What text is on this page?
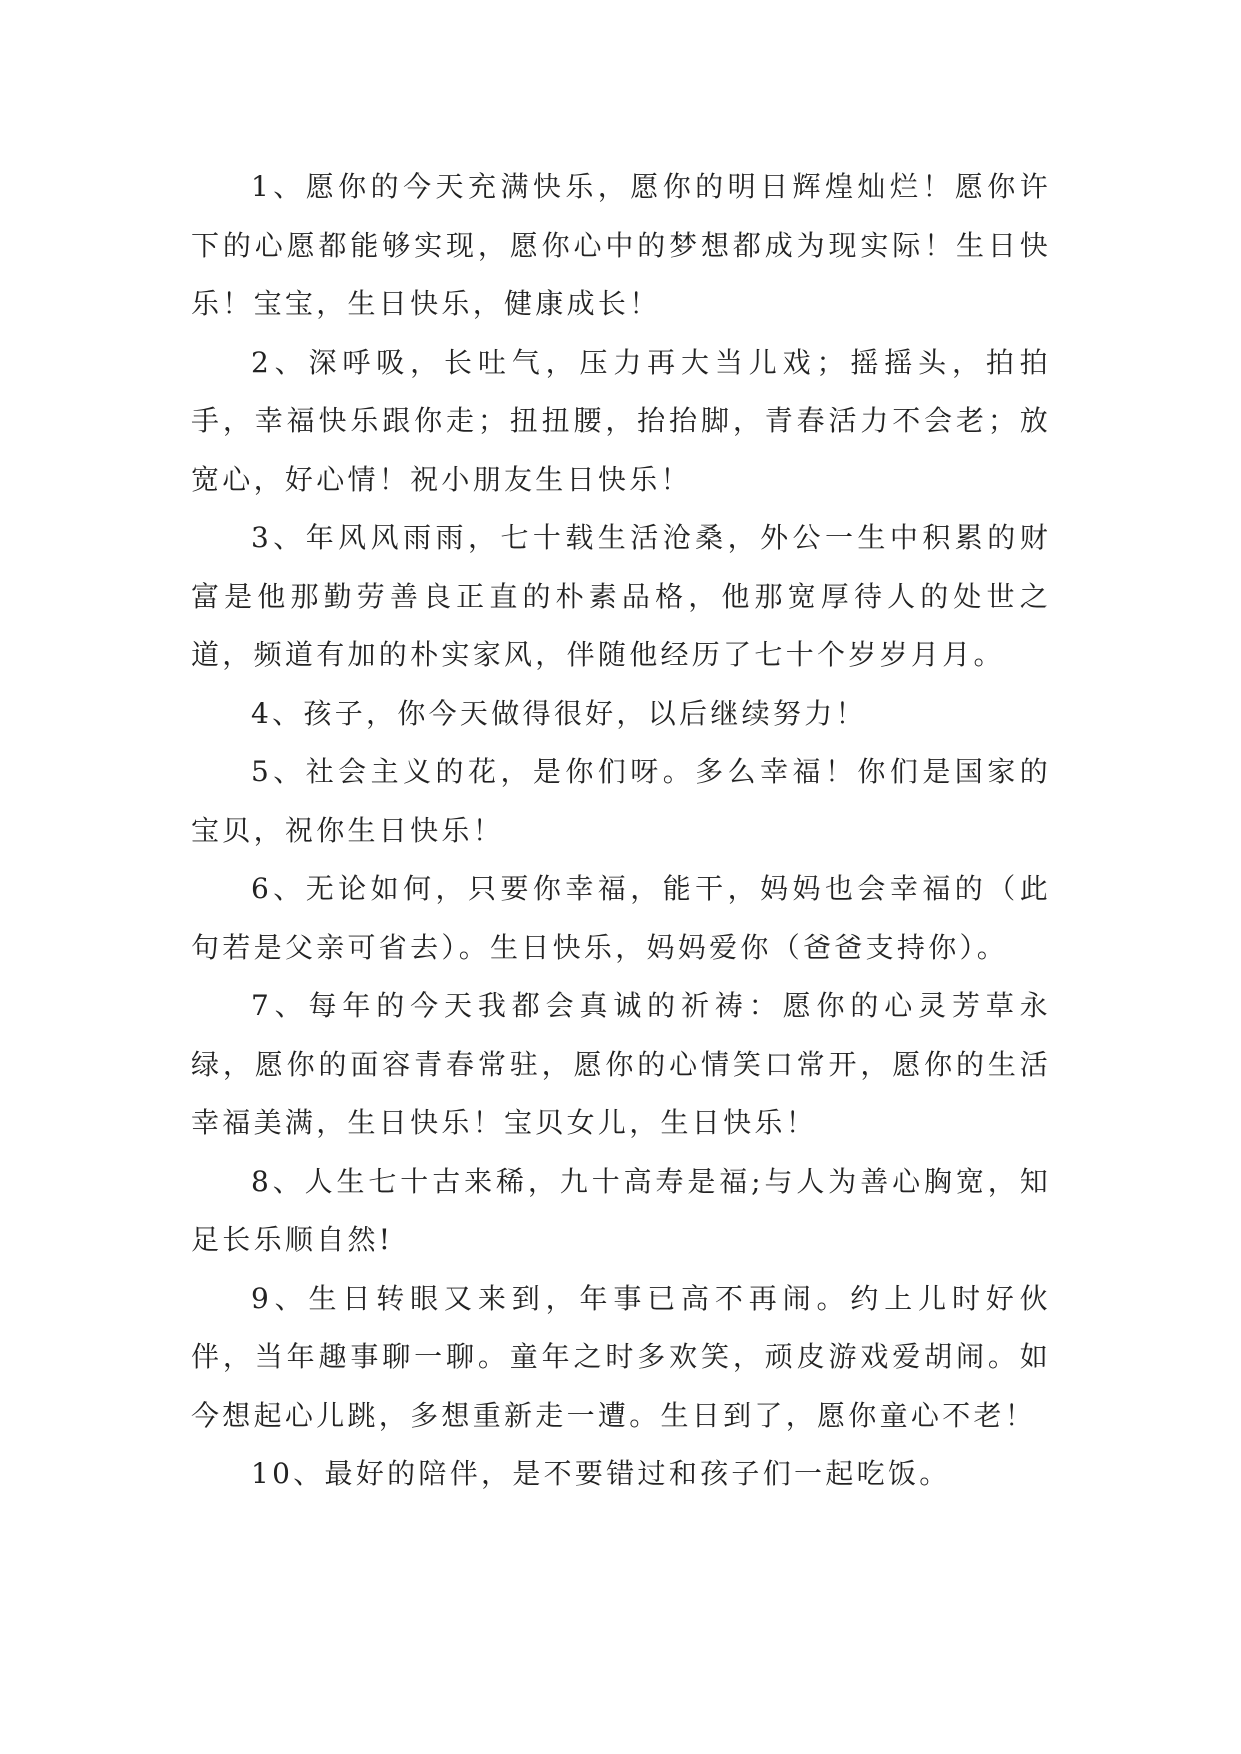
1、愿你的今天充满快乐，愿你的明日辉煌灿烂！愿你许下的心愿都能够实现，愿你心中的梦想都成为现实际！生日快乐！宝宝，生日快乐，健康成长！

2、深呼吸，长吐气，压力再大当儿戏；摇摇头，拍拍手，幸福快乐跟你走；扭扭腰，抬抬脚，青春活力不会老；放宽心，好心情！祝小朋友生日快乐！

3、年风风雨雨，七十载生活沧桑，外公一生中积累的财富是他那勤劳善良正直的朴素品格，他那宽厚待人的处世之道，频道有加的朴实家风，伴随他经历了七十个岁岁月月。

4、孩子，你今天做得很好，以后继续努力！

5、社会主义的花，是你们呀。多么幸福！你们是国家的宝贝，祝你生日快乐！

6、无论如何，只要你幸福，能干，妈妈也会幸福的（此句若是父亲可省去）。生日快乐，妈妈爱你（爸爸支持你）。

7、每年的今天我都会真诚的祈祷：愿你的心灵芳草永绿，愿你的面容青春常驻，愿你的心情笑口常开，愿你的生活幸福美满，生日快乐！宝贝女儿，生日快乐！

8、人生七十古来稀，九十高寿是福;与人为善心胸宽，知足长乐顺自然!

9、生日转眼又来到，年事已高不再闹。约上儿时好伙伴，当年趣事聊一聊。童年之时多欢笑，顽皮游戏爱胡闹。如今想起心儿跳，多想重新走一遭。生日到了，愿你童心不老！

10、最好的陪伴，是不要错过和孩子们一起吃饭。
